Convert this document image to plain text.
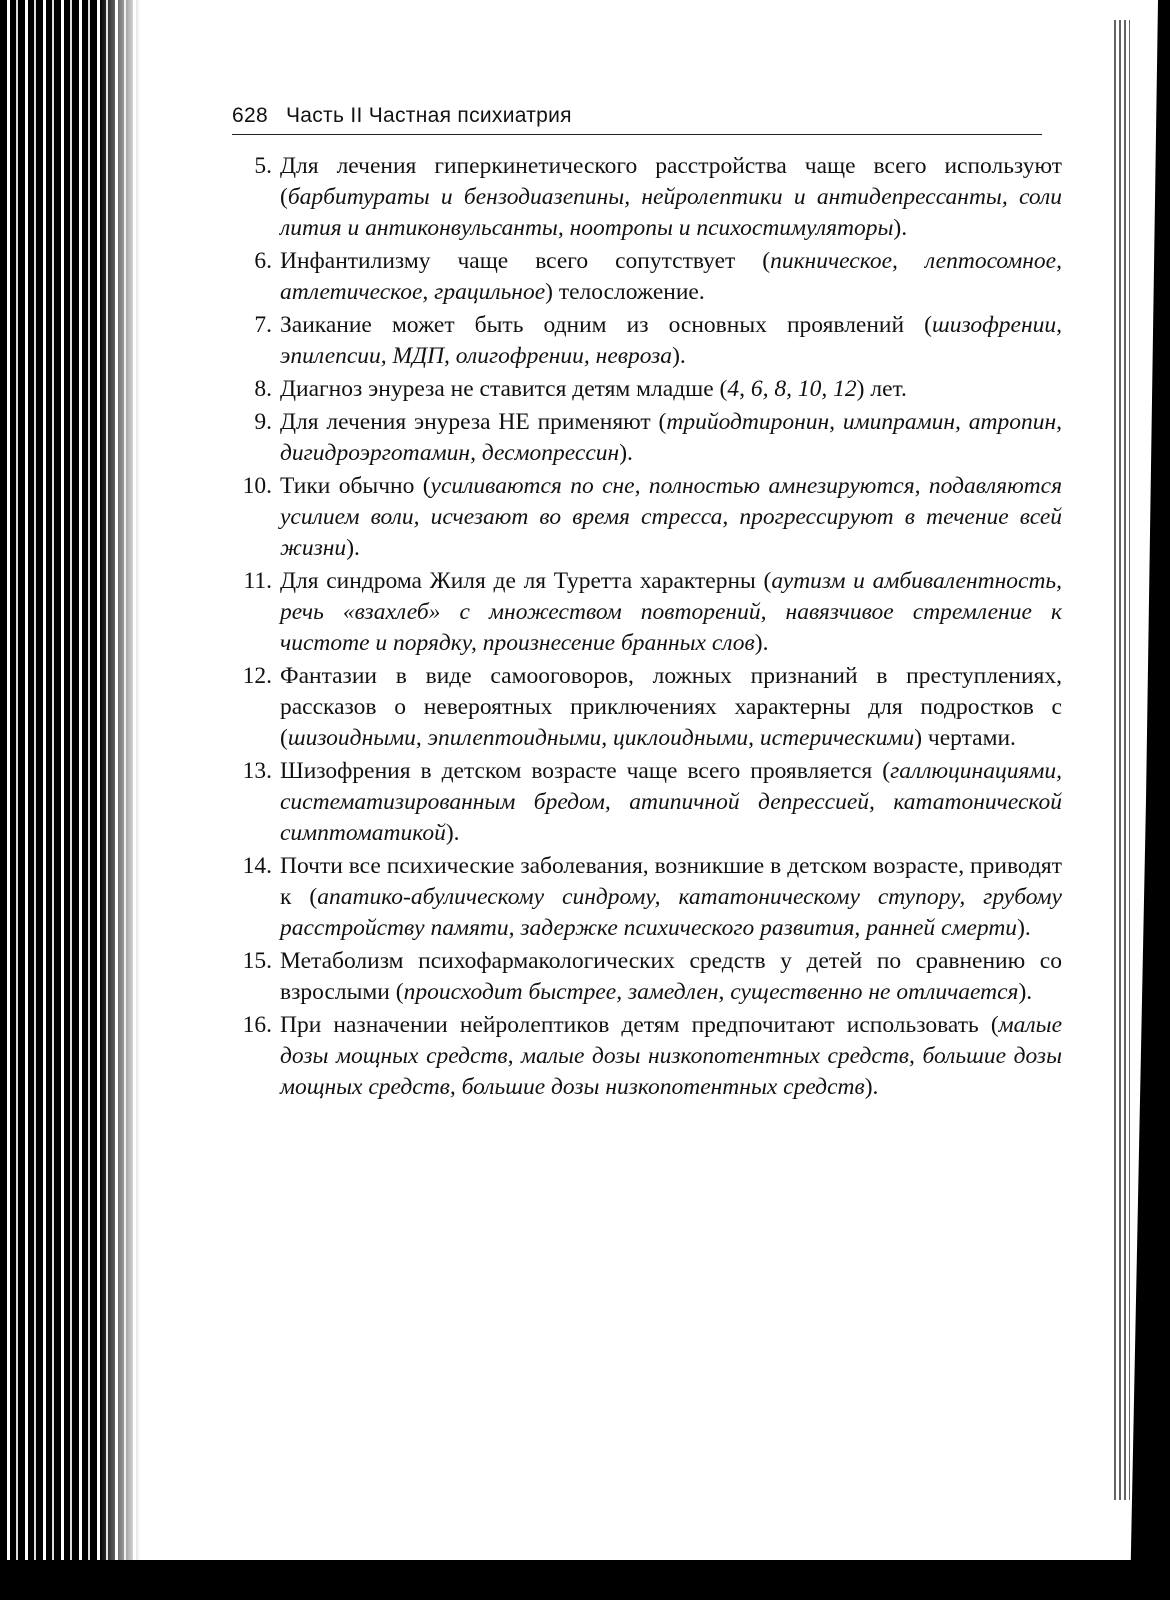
628 Часть II Частная психиатрия
5. Для лечения гиперкинетического расстройства чаще всего используют (барбитураты и бензодиазепины, нейролептики и антидепрессанты, соли лития и антиконвульсанты, ноотропы и психостимуляторы).
6. Инфантилизму чаще всего сопутствует (пикническое, лептосомное, атлетическое, грацильное) телосложение.
7. Заикание может быть одним из основных проявлений (шизофрении, эпилепсии, МДП, олигофрении, невроза).
8. Диагноз энуреза не ставится детям младше (4, 6, 8, 10, 12) лет.
9. Для лечения энуреза НЕ применяют (трийодтиронин, имипрамин, атропин, дигидроэрготамин, десмопрессин).
10. Тики обычно (усиливаются по сне, полностью амнезируются, подавляются усилием воли, исчезают во время стресса, прогрессируют в течение всей жизни).
11. Для синдрома Жиля де ля Туретта характерны (аутизм и амбивалентность, речь «взахлеб» с множеством повторений, навязчивое стремление к чистоте и порядку, произнесение бранных слов).
12. Фантазии в виде самооговоров, ложных признаний в преступлениях, рассказов о невероятных приключениях характерны для подростков с (шизоидными, эпилептоидными, циклоидными, истерическими) чертами.
13. Шизофрения в детском возрасте чаще всего проявляется (галлюцинациями, систематизированным бредом, атипичной депрессией, кататонической симптоматикой).
14. Почти все психические заболевания, возникшие в детском возрасте, приводят к (апатико-абулическому синдрому, кататоническому ступору, грубому расстройству памяти, задержке психического развития, ранней смерти).
15. Метаболизм психофармакологических средств у детей по сравнению со взрослыми (происходит быстрее, замедлен, существенно не отличается).
16. При назначении нейролептиков детям предпочитают использовать (малые дозы мощных средств, малые дозы низкопотентных средств, большие дозы мощных средств, большие дозы низкопотентных средств).
